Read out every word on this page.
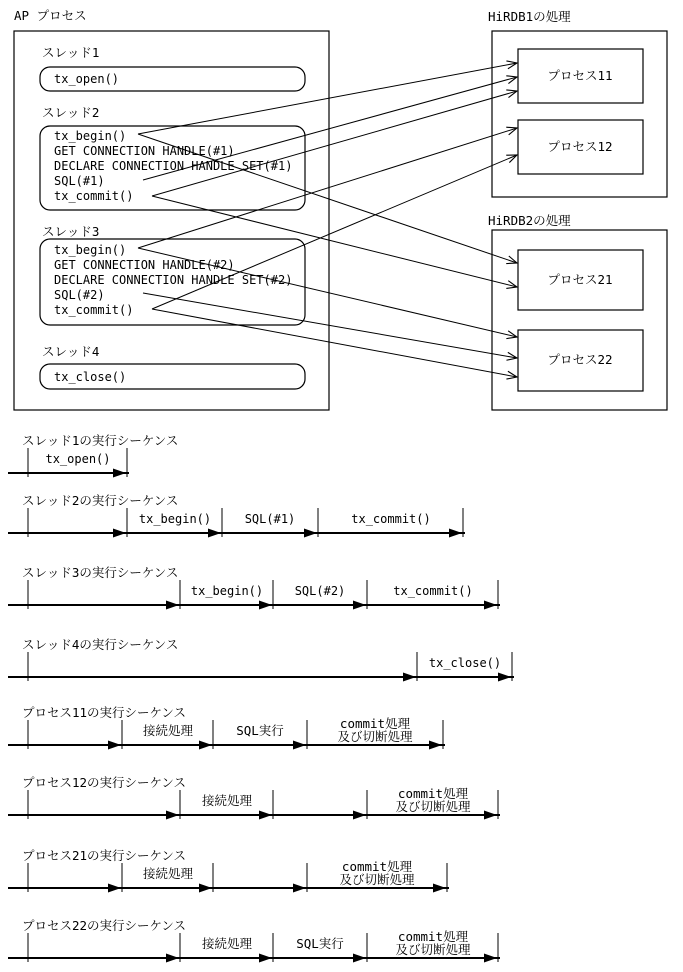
AP プロセス
スレッド1
tx_open()
スレッド2
tx_begin()
GET CONNECTION HANDLE(#1)
DECLARE CONNECTION HANDLE SET(#1)
SQL(#1)
tx_commit()
スレッド3
tx_begin()
GET CONNECTION HANDLE(#2)
DECLARE CONNECTION HANDLE SET(#2)
SQL(#2)
tx_commit()
スレッド4
tx_close()
HiRDB1の処理
プロセス11
プロセス12
HiRDB2の処理
プロセス21
プロセス22
スレッド1の実行シーケンス
tx_open()
スレッド2の実行シーケンス
tx_begin()	SQL(#1)	tx_commit()
スレッド3の実行シーケンス
tx_begin()	SQL(#2)	tx_commit()
スレッド4の実行シーケンス
tx_close()
プロセス11の実行シーケンス
接続処理	SQL実行	commit処理
及び切断処理
プロセス12の実行シーケンス
接続処理	commit処理
及び切断処理
プロセス21の実行シーケンス
接続処理	commit処理
及び切断処理
プロセス22の実行シーケンス
接続処理	SQL実行	commit処理
及び切断処理
